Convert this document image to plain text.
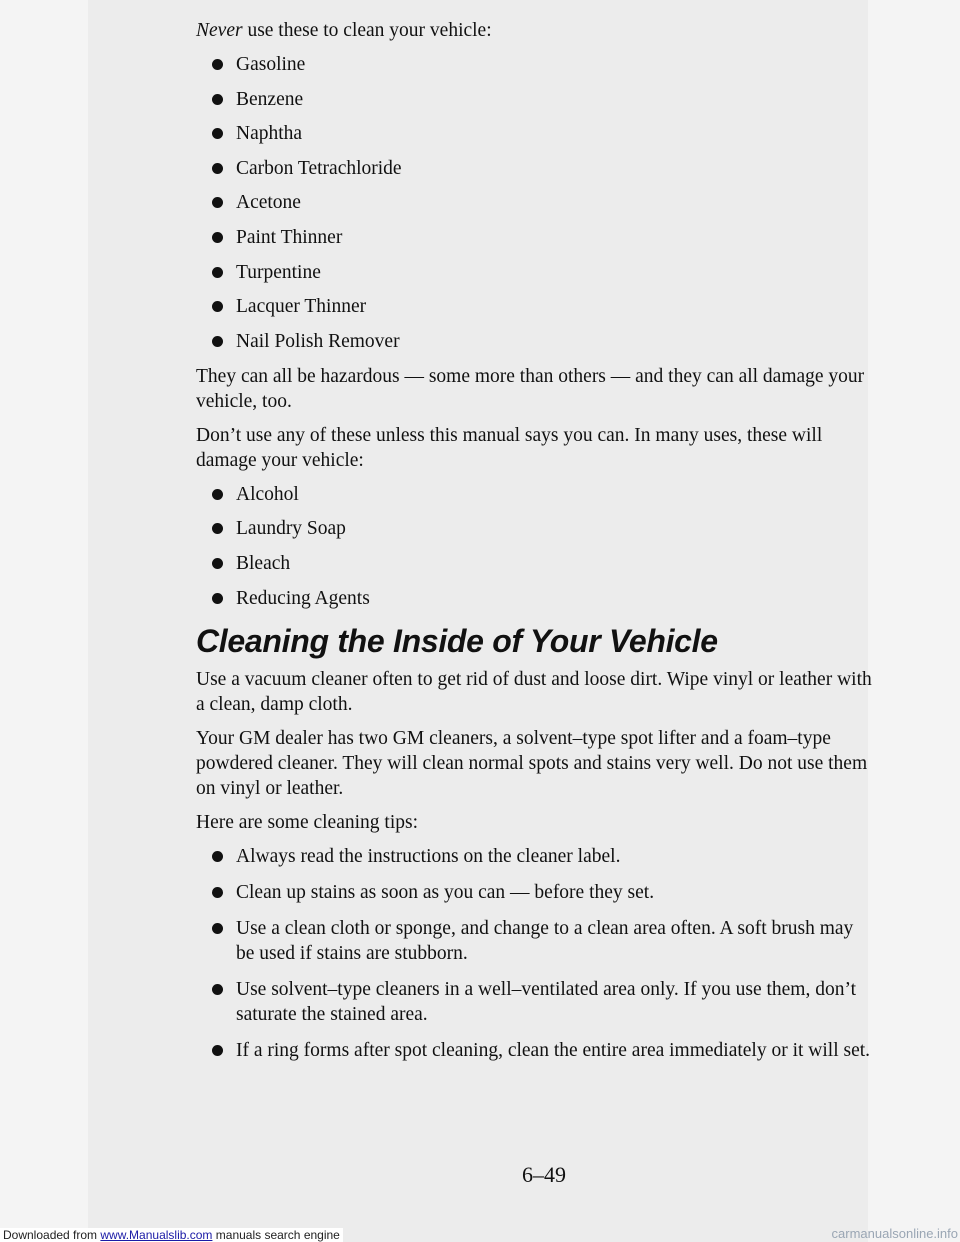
Never use these to clean your vehicle:

Gasoline
Benzene
Naphtha
Carbon Tetrachloride
Acetone
Paint Thinner
Turpentine
Lacquer Thinner
Nail Polish Remover

They can all be hazardous — some more than others — and they can all damage your vehicle, too.

Don’t use any of these unless this manual says you can. In many uses, these will damage your vehicle:

Alcohol
Laundry Soap
Bleach
Reducing Agents
Cleaning the Inside of Your Vehicle

Use a vacuum cleaner often to get rid of dust and loose dirt. Wipe vinyl or leather with a clean, damp cloth.

Your GM dealer has two GM cleaners, a solvent–type spot lifter and a foam–type powdered cleaner. They will clean normal spots and stains very well. Do not use them on vinyl or leather.

Here are some cleaning tips:

Always read the instructions on the cleaner label.
Clean up stains as soon as you can — before they set.
Use a clean cloth or sponge, and change to a clean area often. A soft brush may be used if stains are stubborn.
Use solvent–type cleaners in a well–ventilated area only. If you use them, don’t saturate the stained area.
If a ring forms after spot cleaning, clean the entire area immediately or it will set.
6–49
Downloaded from www.Manualslib.com manuals search engine	carmanualsonline.info
